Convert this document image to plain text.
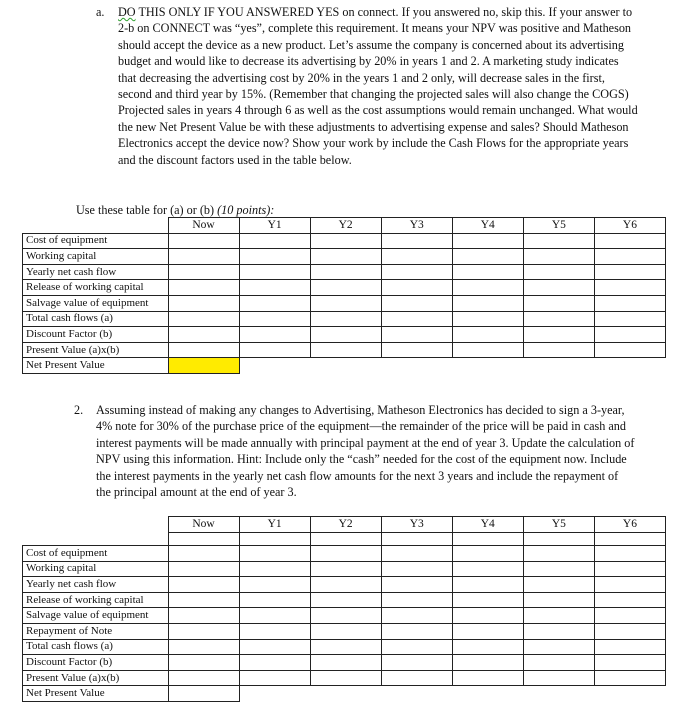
a. DO THIS ONLY IF YOU ANSWERED YES on connect. If you answered no, skip this. If your answer to 2-b on CONNECT was “yes”, complete this requirement. It means your NPV was positive and Matheson should accept the device as a new product. Let’s assume the company is concerned about its advertising budget and would like to decrease its advertising by 20% in years 1 and 2. A marketing study indicates that decreasing the advertising cost by 20% in the years 1 and 2 only, will decrease sales in the first, second and third year by 15%. (Remember that changing the projected sales will also change the COGS) Projected sales in years 4 through 6 as well as the cost assumptions would remain unchanged. What would the new Net Present Value be with these adjustments to advertising expense and sales? Should Matheson Electronics accept the device now? Show your work by include the Cash Flows for the appropriate years and the discount factors used in the table below.
Use these table for (a) or (b) (10 points):
	Now	Y1	Y2	Y3	Y4	Y5	Y6
Cost of equipment							
Working capital							
Yearly net cash flow							
Release of working capital							
Salvage value of equipment							
Total cash flows (a)							
Discount Factor (b)							
Present Value (a)x(b)							
Net Present Value							
2. Assuming instead of making any changes to Advertising, Matheson Electronics has decided to sign a 3-year, 4% note for 30% of the purchase price of the equipment—the remainder of the price will be paid in cash and interest payments will be made annually with principal payment at the end of year 3. Update the calculation of NPV using this information. Hint: Include only the “cash” needed for the cost of the equipment now. Include the interest payments in the yearly net cash flow amounts for the next 3 years and include the repayment of the principal amount at the end of year 3.
	Now	Y1	Y2	Y3	Y4	Y5	Y6

Cost of equipment							
Working capital							
Yearly net cash flow							
Release of working capital							
Salvage value of equipment							
Repayment of Note							
Total cash flows (a)							
Discount Factor (b)							
Present Value (a)x(b)							
Net Present Value							
